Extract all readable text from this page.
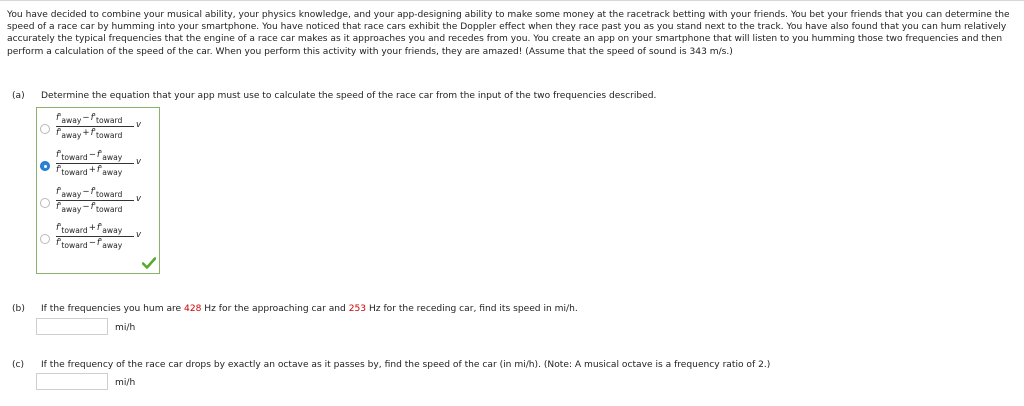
You have decided to combine your musical ability, your physics knowledge, and your app-designing ability to make some money at the racetrack betting with your friends. You bet your friends that you can determine the speed of a race car by humming into your smartphone. You have noticed that race cars exhibit the Doppler effect when they race past you as you stand next to the track. You have also found that you can hum relatively accurately the typical frequencies that the engine of a race car makes as it approaches you and recedes from you. You create an app on your smartphone that will listen to you humming those two frequencies and then perform a calculation of the speed of the car. When you perform this activity with your friends, they are amazed! (Assume that the speed of sound is 343 m/s.)

(a) Determine the equation that your app must use to calculate the speed of the race car from the input of the two frequencies described.
f'away−f'toward
f'away+f'toward
v
f'toward−f'away
f'toward+f'away
v
f'away−f'toward
f'away−f'toward
v
f'toward+f'away
f'toward−f'away
v
(b) If the frequencies you hum are 428 Hz for the approaching car and 253 Hz for the receding car, find its speed in mi/h.
mi/h
(c) If the frequency of the race car drops by exactly an octave as it passes by, find the speed of the car (in mi/h). (Note: A musical octave is a frequency ratio of 2.)
mi/h
